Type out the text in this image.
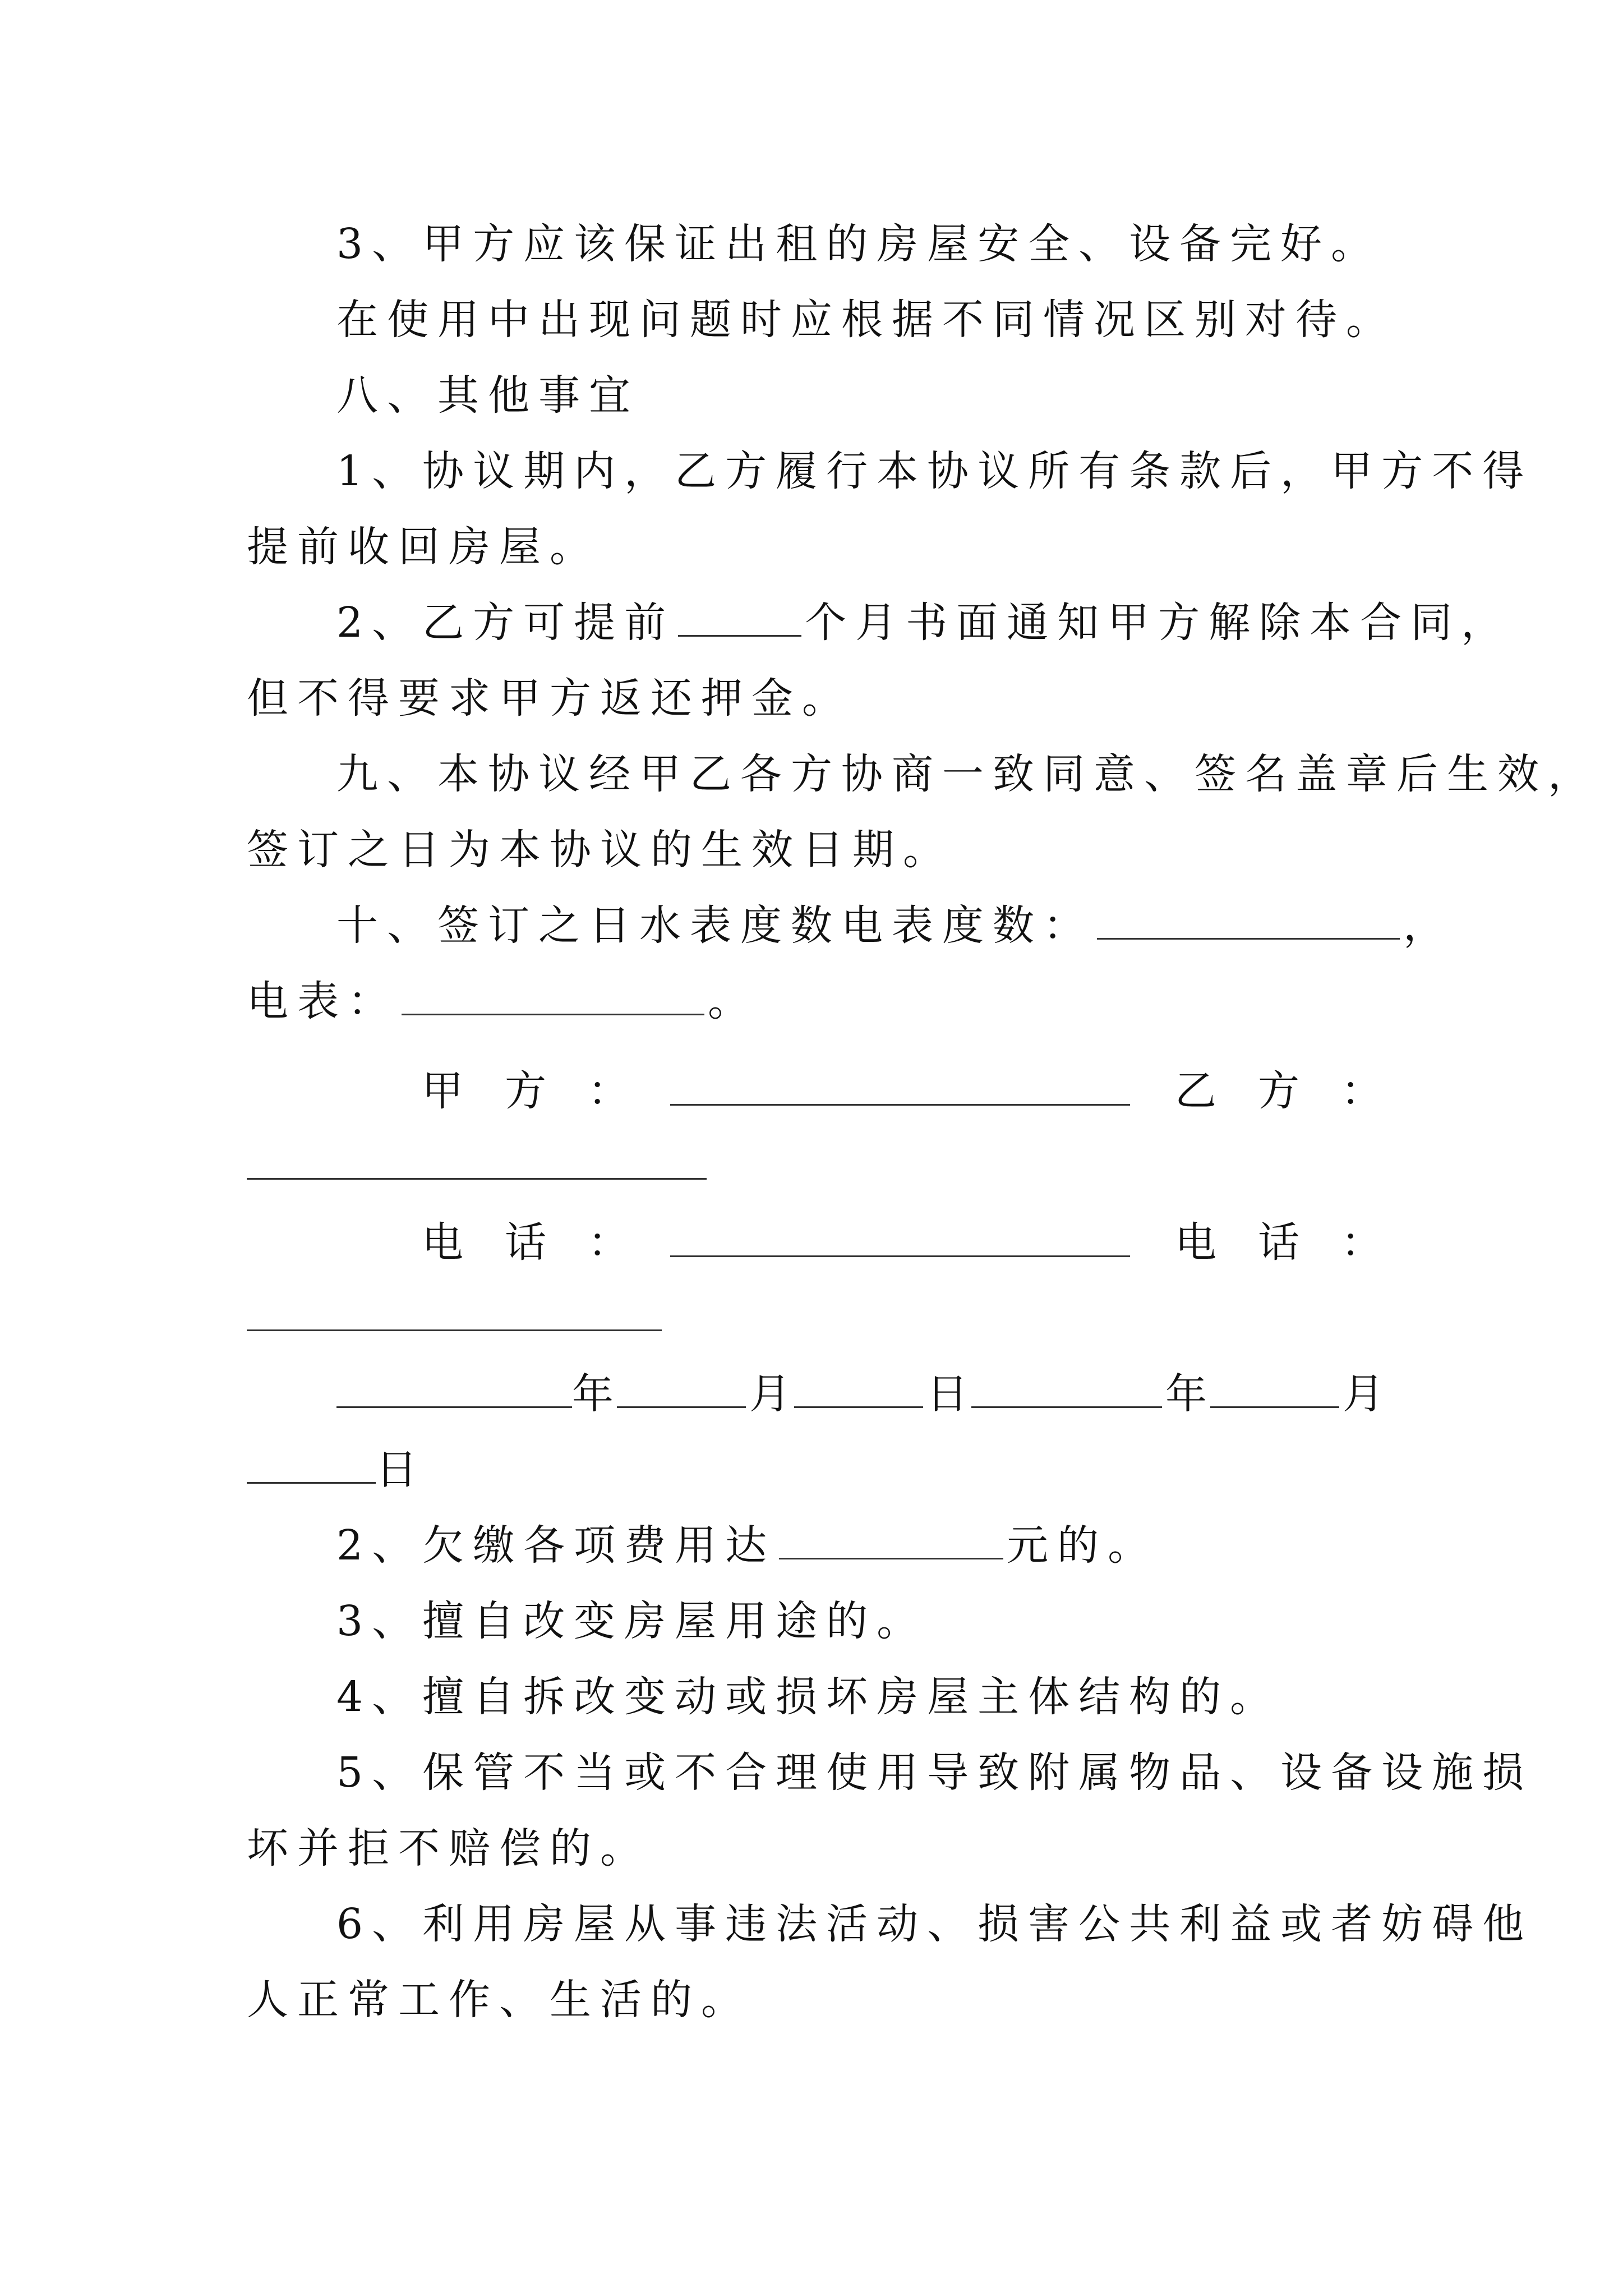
3、甲方应该保证出租的房屋安全、设备完好。
在使用中出现问题时应根据不同情况区别对待。
八、其他事宜
1、协议期内，乙方履行本协议所有条款后，甲方不得
提前收回房屋。
2、乙方可提前	个月书面通知甲方解除本合同，
但不得要求甲方返还押金。
九、本协议经甲乙各方协商一致同意、签名盖章后生效，
签订之日为本协议的生效日期。
十、签订之日水表度数电表度数：	，
电表：	。
甲　方　：	乙　方　：
电　话　：	电　话　：
年	月	日	年	月
日
2、欠缴各项费用达	元的。
3、擅自改变房屋用途的。
4、擅自拆改变动或损坏房屋主体结构的。
5、保管不当或不合理使用导致附属物品、设备设施损
坏并拒不赔偿的。
6、利用房屋从事违法活动、损害公共利益或者妨碍他
人正常工作、生活的。
